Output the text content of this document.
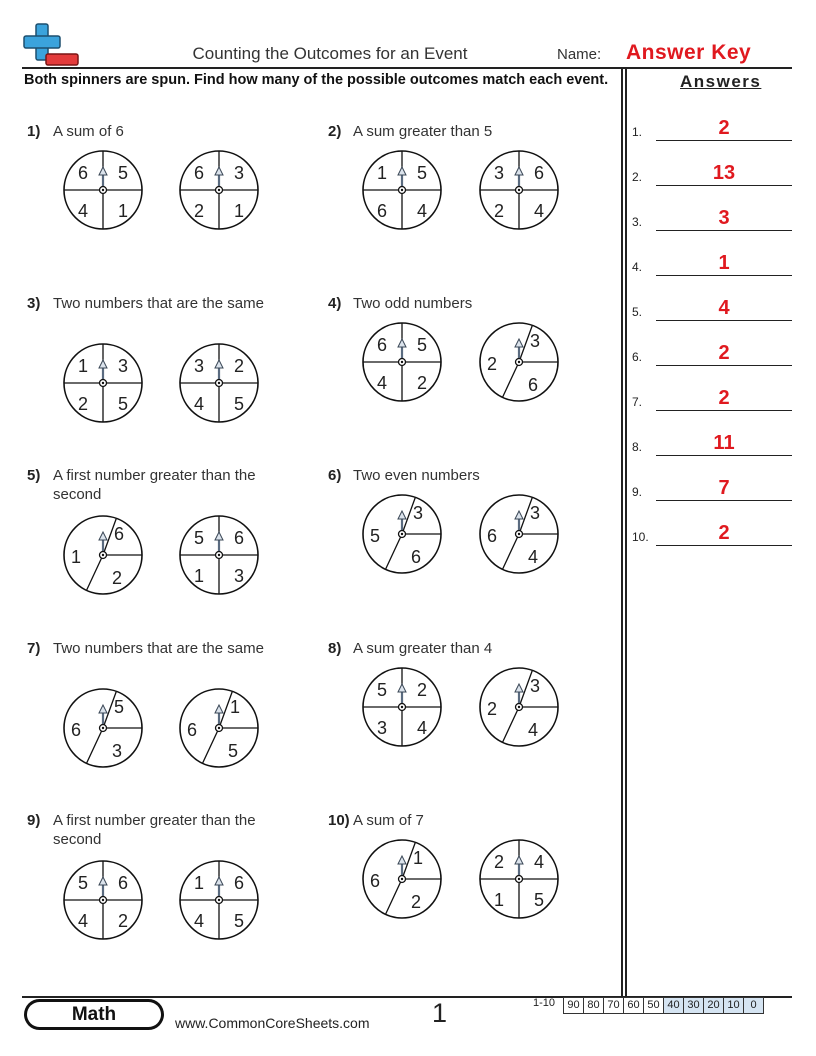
Counting the Outcomes for an Event	Name: Answer Key
Both spinners are spun. Find how many of the possible outcomes match each event.	Answers
1.	2
2.	13
3.	3
4.	1
5.	4
6.	2
7.	2
8.	11
9.	7
10.	2
1) A sum of 6
6 5
4 1
6 3
2 1
2) A sum greater than 5
1 5
6 4
3 6
2 4
3) Two numbers that are the same
1 3
2 5
3 2
4 5
4) Two odd numbers
6 5
4 2
3
6
2
5) A first number greater than the second
6
2
1
5 6
1 3
6) Two even numbers
3
6
5
3
4
6
7) Two numbers that are the same
5
3
6
1
5
6
8) A sum greater than 4
5 2
3 4
3
4
2
9) A first number greater than the second
5 6
4 2
1 6
4 5
10) A sum of 7
1
2
6
2 4
1 5
Math	www.CommonCoreSheets.com 1	1-10	90 80 70 60 50 40 30 20 10 0
